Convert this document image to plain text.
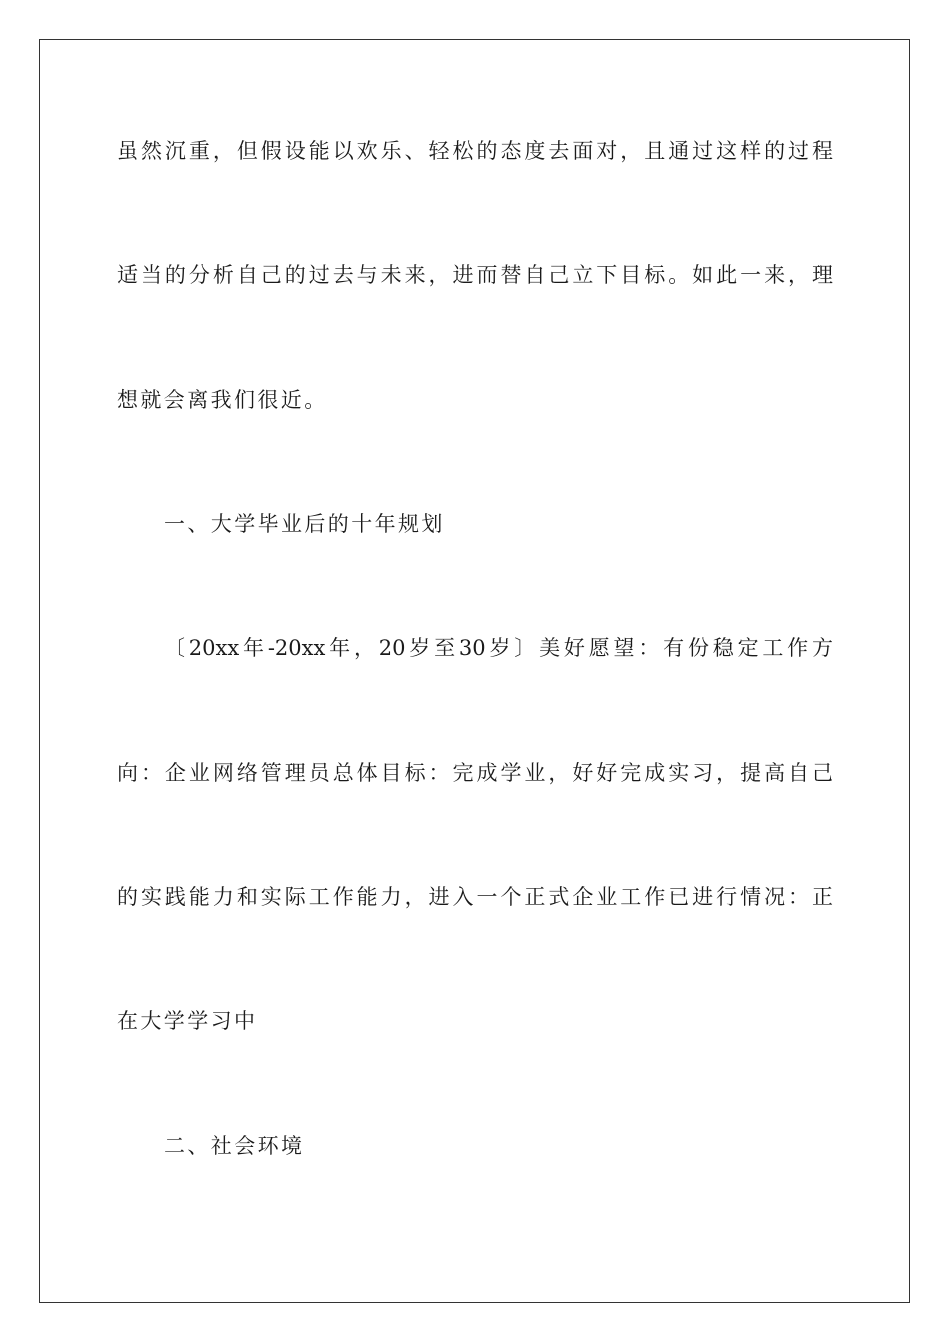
虽然沉重，但假设能以欢乐、轻松的态度去面对，且通过这样的过程
适当的分析自己的过去与未来，进而替自己立下目标。如此一来，理
想就会离我们很近。
一、大学毕业后的十年规划
〔20xx年-20xx年，20岁至30岁〕美好愿望：有份稳定工作方
向：企业网络管理员总体目标：完成学业，好好完成实习，提高自己
的实践能力和实际工作能力，进入一个正式企业工作已进行情况：正
在大学学习中
二、社会环境
